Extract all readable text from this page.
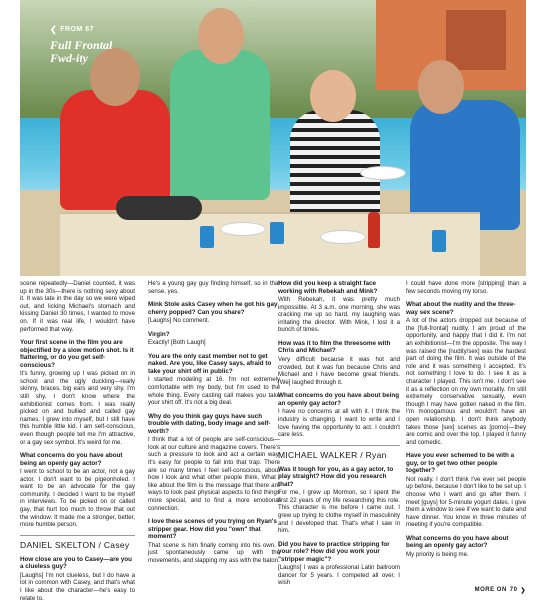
❮ FROM 67
Full Frontal
Fwd-ity

scene repeatedly—Daniel counted, it was up in the 30s—there is nothing sexy about it. It was late in the day so we were wiped out, and licking Michael's stomach and kissing Daniel 30 times, I wanted to move on. If it was real life, I wouldn't have performed that way.

Your first scene in the film you are objectified by a slow motion shot. Is it flattering, or do you get self-conscious?

It's funny, growing up I was picked on in school and the ugly duckling—really skinny, braces, big ears and very shy. I'm still shy. I don't know where the exhibitionist comes from. I was really picked on and bullied and called gay names. I grew into myself, but I still have this humble little kid. I am self-conscious, even though people tell me I'm attractive, or a gay sex symbol. It's weird for me.

What concerns do you have about being an openly gay actor?

I went to school to be an actor, not a gay actor. I don't want to be pigeonholed. I want to be an advocate for the gay community. I decided I want to be myself in interviews. To be picked on or called gay, that hurt too much to throw that out the window. It made me a stronger, better, more humble person.

DANIEL SKELTON / Casey
How close are you to Casey—are you a clueless guy?

[Laughs] I'm not clueless, but I do have a lot in common with Casey, and that's what I like about the character—he's easy to relate to.

He's a young gay guy finding himself, so in that sense, yes.

Mink Stole asks Casey when he got his gay cherry popped? Can you share?

[Laughs] No comment.

Virgin?

Exactly! [Both Laugh]

You are the only cast member not to get naked. Are you, like Casey says, afraid to take your shirt off in public?

I started modeling at 16. I'm not extremely comfortable with my body, but I'm used to the whole thing. Every casting call makes you take your shirt off. It's not a big deal.

Why do you think gay guys have such trouble with dating, body image and self-worth?

I think that a lot of people are self-conscious—look at our culture and magazine covers. There's such a pressure to look and act a certain way. It's easy for people to fall into that trap. There are so many times I feel self-conscious, about how I look and what other people think. What I like about the film is the message that there are ways to look past physical aspects to find things more special, and to find a more emotional connection.

I love these scenes of you trying on Ryan's stripper gear. How did you "own" that moment?

That scene is him finally coming into his own. I just spontaneously came up with the movements, and slapping my ass with the baton.

How did you keep a straight face working with Rebekah and Mink?

With Rebekah, it was pretty much impossible. At 3 a.m. one morning, she was cracking me up so hard, my laughing was irritating the director. With Mink, I lost it a bunch of times.

How was it to film the threesome with Chris and Michael?

Very difficult because it was hot and crowded, but it was fun because Chris and Michael and I have become great friends. [We] laughed through it.

What concerns do you have about being an openly gay actor?

I have no concerns at all with it. I think the industry is changing. I want to write and I love having the opportunity to act. I couldn't care less.

MICHAEL WALKER / Ryan
Was it tough for you, as a gay actor, to play straight? How did you research that?

For me, I grew up Mormon, so I spent the first 22 years of my life researching this role. This character is me before I came out. I grew up trying to clothe myself in masculinity and I developed that. That's what I saw in him.

Did you have to practice stripping for your role? How did you work your "stripper magic"?

[Laughs] I was a professional Latin ballroom dancer for 5 years. I competed all over. I wish

I could have done more [stripping] than a few seconds moving my torso.

What about the nudity and the three-way sex scene?

A lot of the actors dropped out because of the [full-frontal] nudity. I am proud of the opportunity, and happy that I did it. I'm not an exhibitionist—I'm the opposite. The way I was raised the [nudity/sex] was the hardest part of doing the film. It was outside of the role and it was something I accepted. It's not something I love to do. I see it as a character I played. This isn't me. I don't see it as a reflection on my own morality. I'm still extremely conservative sexually, even though I may have gotten naked in the film. I'm monogamous and wouldn't have an open relationship. I don't think anybody takes those [sex] scenes as [porno]—they are comic and over the top. I played it funny and comedic.

Have you ever schemed to be with a guy, or to get two other people together?

Not really. I don't think I've ever set people up before, because I don't like to be set up. I choose who I want and go after them. I meet [guys] for 5-minute yogurt dates. I give them a window to see if we want to date and have dinner. You know in three minutes of meeting if you're compatible.

What concerns do you have about being an openly gay actor?

My priority is being me.

MORE ON 70 ❯
